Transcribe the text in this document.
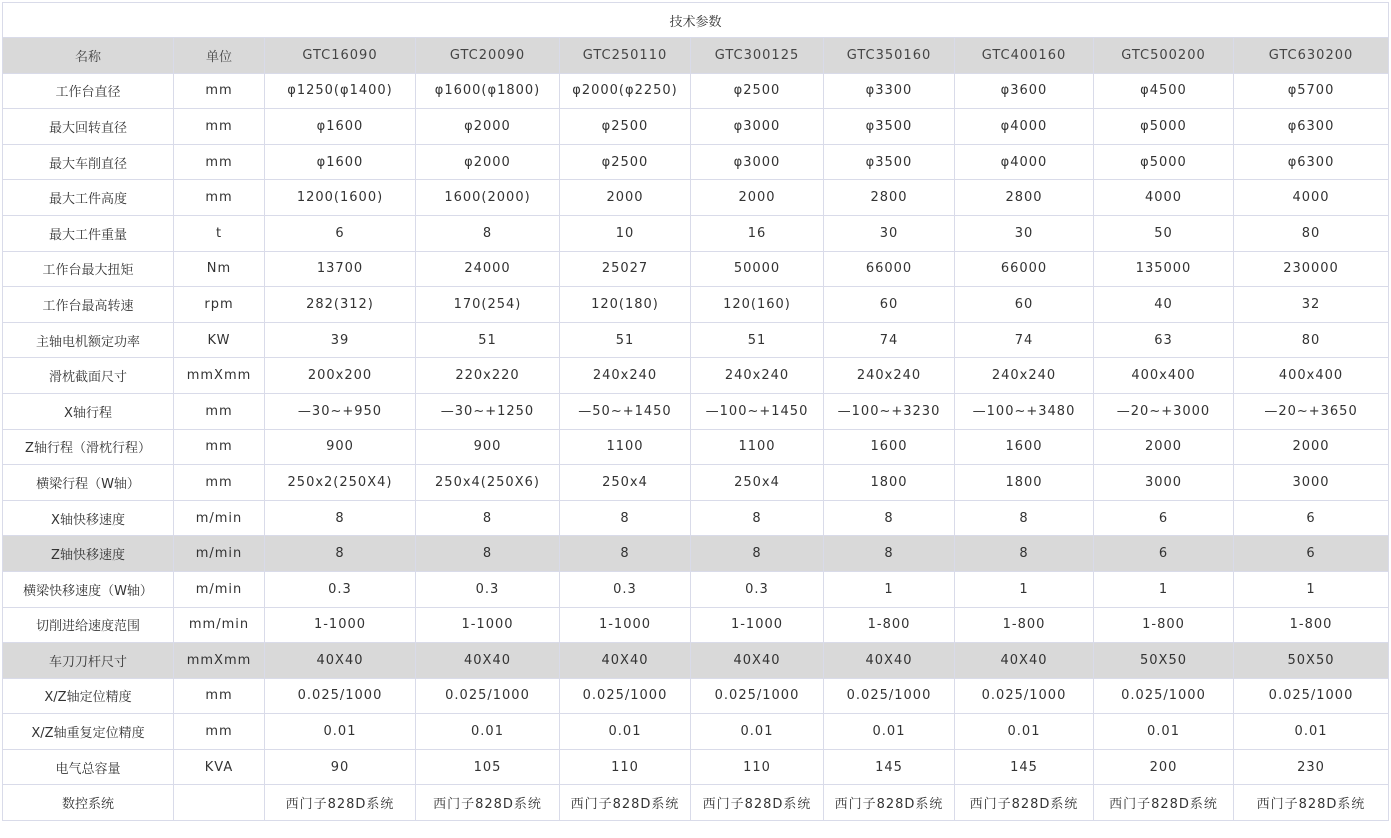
技术参数									
名称	单位	GTC16090	GTC20090	GTC250110	GTC300125	GTC350160	GTC400160	GTC500200	GTC630200
工作台直径	mm	φ1250(φ1400)	φ1600(φ1800)	φ2000(φ2250)	φ2500	φ3300	φ3600	φ4500	φ5700
最大回转直径	mm	φ1600	φ2000	φ2500	φ3000	φ3500	φ4000	φ5000	φ6300
最大车削直径	mm	φ1600	φ2000	φ2500	φ3000	φ3500	φ4000	φ5000	φ6300
最大工件高度	mm	1200(1600)	1600(2000)	2000	2000	2800	2800	4000	4000
最大工件重量	t	6	8	10	16	30	30	50	80
工作台最大扭矩	Nm	13700	24000	25027	50000	66000	66000	135000	230000
工作台最高转速	rpm	282(312)	170(254)	120(180)	120(160)	60	60	40	32
主轴电机额定功率	KW	39	51	51	51	74	74	63	80
滑枕截面尺寸	mmXmm	200x200	220x220	240x240	240x240	240x240	240x240	400x400	400x400
X轴行程	mm	—30~+950	—30~+1250	—50~+1450	—100~+1450	—100~+3230	—100~+3480	—20~+3000	—20~+3650
Z轴行程（滑枕行程）	mm	900	900	1100	1100	1600	1600	2000	2000
横梁行程（W轴）	mm	250x2(250X4)	250x4(250X6)	250x4	250x4	1800	1800	3000	3000
X轴快移速度	m/min	8	8	8	8	8	8	6	6
Z轴快移速度	m/min	8	8	8	8	8	8	6	6
横梁快移速度（W轴）	m/min	0.3	0.3	0.3	0.3	1	1	1	1
切削进给速度范围	mm/min	1-1000	1-1000	1-1000	1-1000	1-800	1-800	1-800	1-800
车刀刀杆尺寸	mmXmm	40X40	40X40	40X40	40X40	40X40	40X40	50X50	50X50
X/Z轴定位精度	mm	0.025/1000	0.025/1000	0.025/1000	0.025/1000	0.025/1000	0.025/1000	0.025/1000	0.025/1000
X/Z轴重复定位精度	mm	0.01	0.01	0.01	0.01	0.01	0.01	0.01	0.01
电气总容量	KVA	90	105	110	110	145	145	200	230
数控系统		西门子828D系统	西门子828D系统	西门子828D系统	西门子828D系统	西门子828D系统	西门子828D系统	西门子828D系统	西门子828D系统
